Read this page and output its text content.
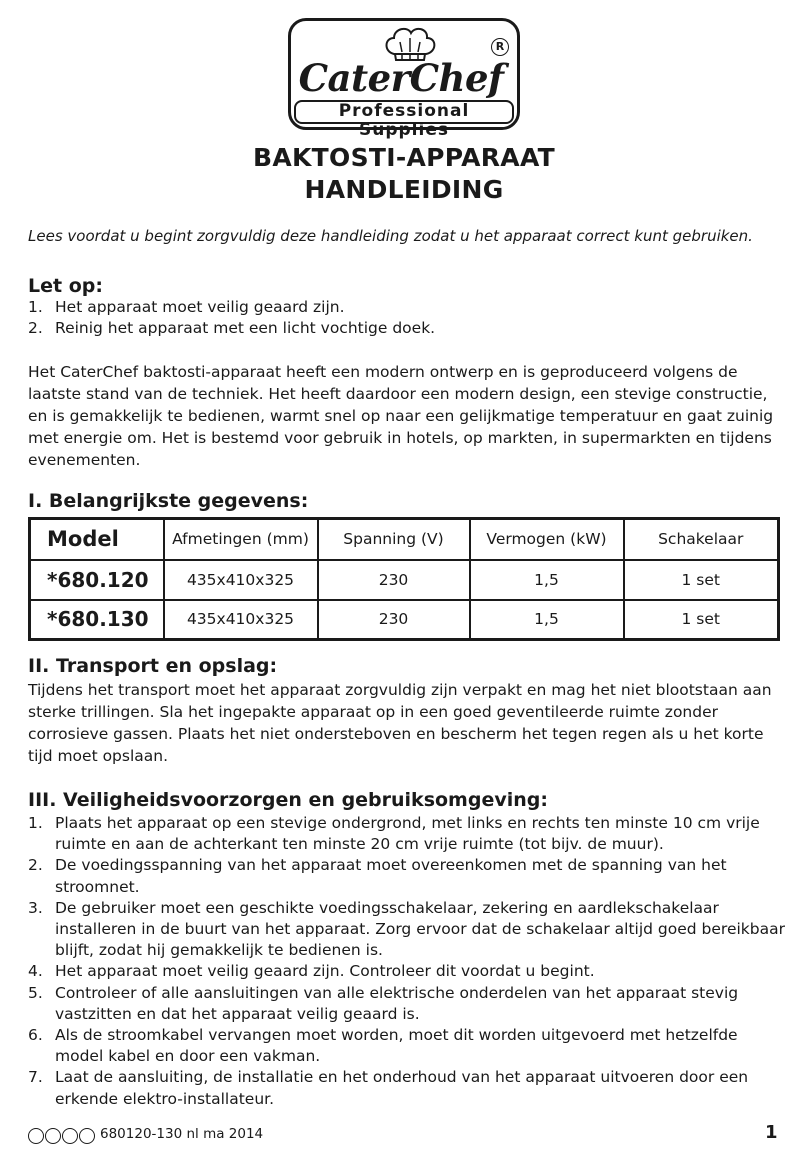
CaterChef
R
Professional Supplies
BAKTOSTI-APPARAAT
HANDLEIDING
Lees voordat u begint zorgvuldig deze handleiding zodat u het apparaat correct kunt gebruiken.
Let op:
1. Het apparaat moet veilig geaard zijn.
2. Reinig het apparaat met een licht vochtige doek.
Het CaterChef baktosti-apparaat heeft een modern ontwerp en is geproduceerd volgens de laatste stand van de techniek. Het heeft daardoor een modern design, een stevige constructie, en is gemakkelijk te bedienen, warmt snel op naar een gelijkmatige temperatuur en gaat zuinig met energie om. Het is bestemd voor gebruik in hotels, op markten, in supermarkten en tijdens evenementen.
I. Belangrijkste gegevens:
Model	Afmetingen (mm)	Spanning (V)	Vermogen (kW)	Schakelaar
*680.120	435x410x325	230	1,5	1 set
*680.130	435x410x325	230	1,5	1 set
II. Transport en opslag:
Tijdens het transport moet het apparaat zorgvuldig zijn verpakt en mag het niet blootstaan aan sterke trillingen. Sla het ingepakte apparaat op in een goed geventileerde ruimte zonder corrosieve gassen. Plaats het niet ondersteboven en bescherm het tegen regen als u het korte tijd moet opslaan.
III. Veiligheidsvoorzorgen en gebruiksomgeving:
1. Plaats het apparaat op een stevige ondergrond, met links en rechts ten minste 10 cm vrije ruimte en aan de achterkant ten minste 20 cm vrije ruimte (tot bijv. de muur).
2. De voedingsspanning van het apparaat moet overeenkomen met de spanning van het stroomnet.
3. De gebruiker moet een geschikte voedingsschakelaar, zekering en aardlekschakelaar installeren in de buurt van het apparaat. Zorg ervoor dat de schakelaar altijd goed bereikbaar blijft, zodat hij gemakkelijk te bedienen is.
4. Het apparaat moet veilig geaard zijn. Controleer dit voordat u begint.
5. Controleer of alle aansluitingen van alle elektrische onderdelen van het apparaat stevig vastzitten en dat het apparaat veilig geaard is.
6. Als de stroomkabel vervangen moet worden, moet dit worden uitgevoerd met hetzelfde model kabel en door een vakman.
7. Laat de aansluiting, de installatie en het onderhoud van het apparaat uitvoeren door een erkende elektro-installateur.
680120-130 nl ma 2014	1
